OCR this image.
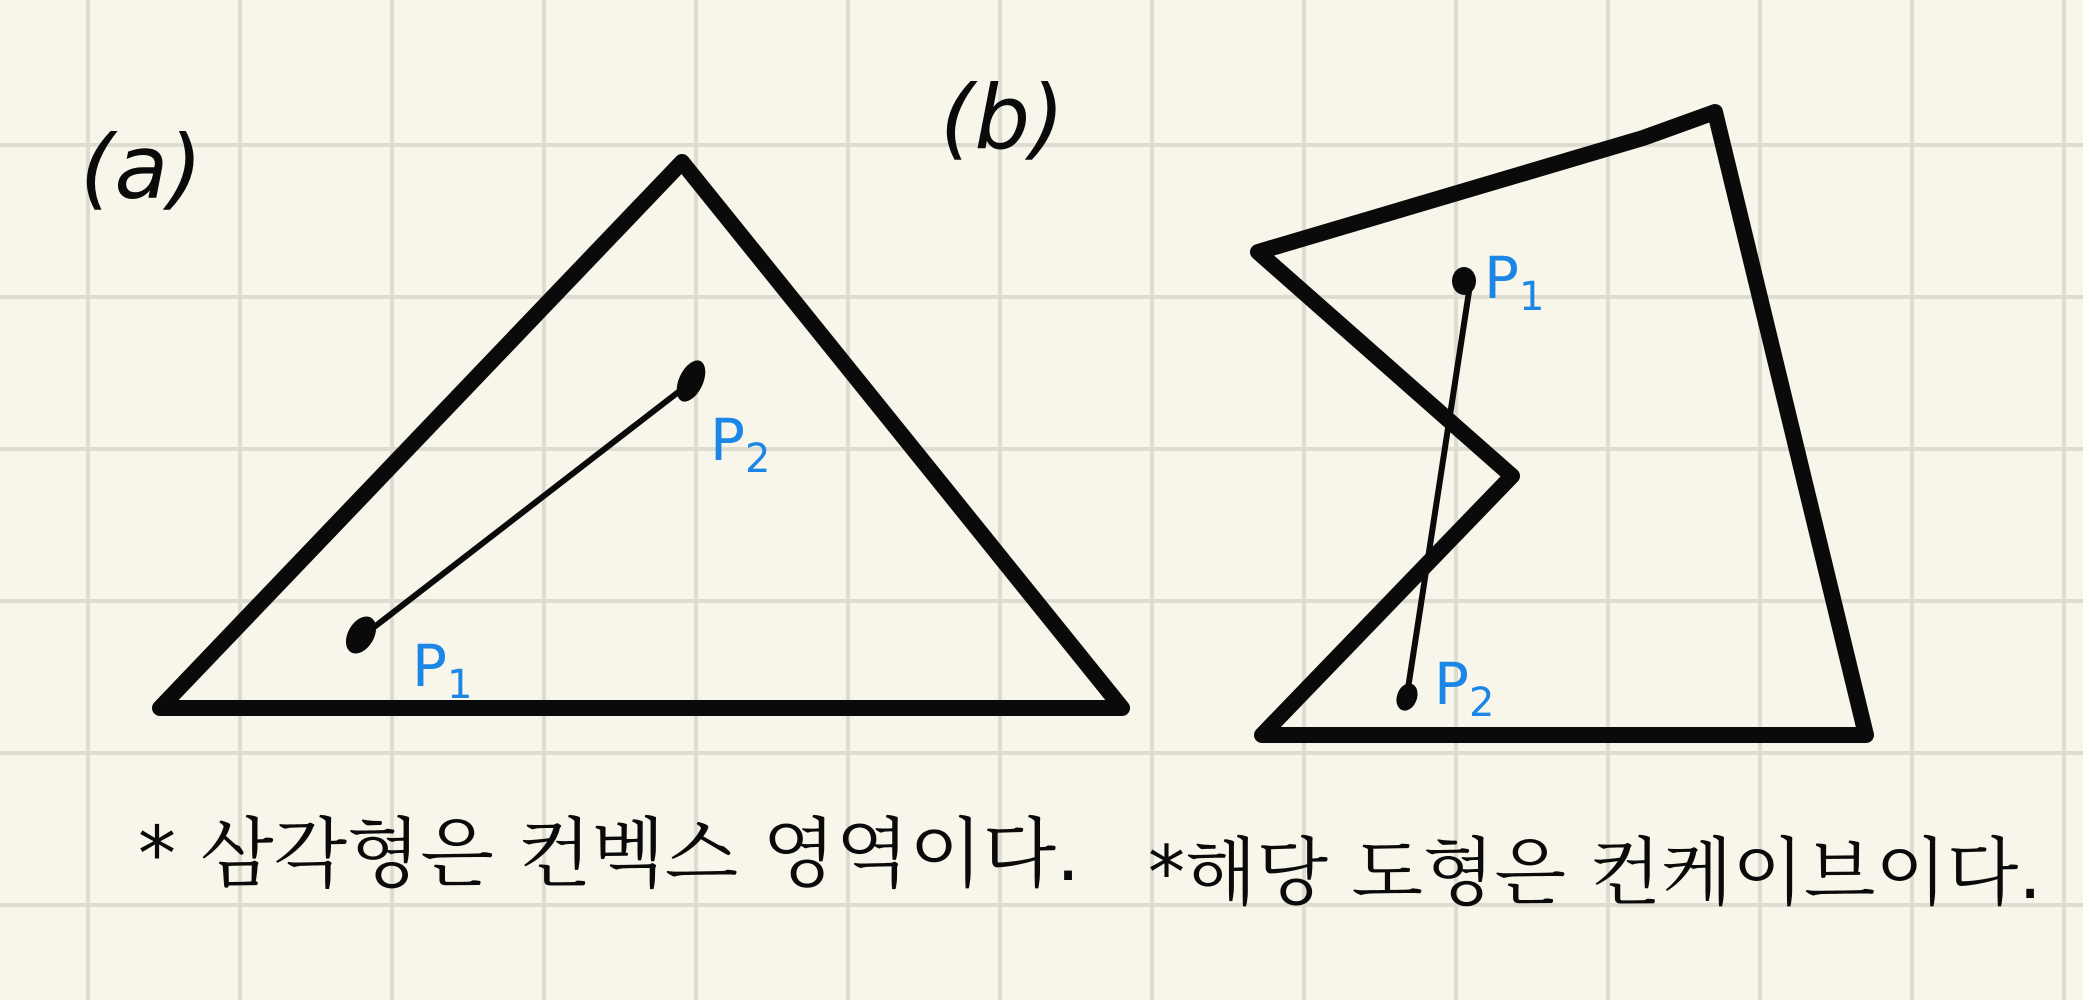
(a)
$P_1$
$P_2$
* 삼각형은 컨벡스 영역이다.
(b)
$P_1$
$P_2$
*해당 도형은 컨케이브이다.
